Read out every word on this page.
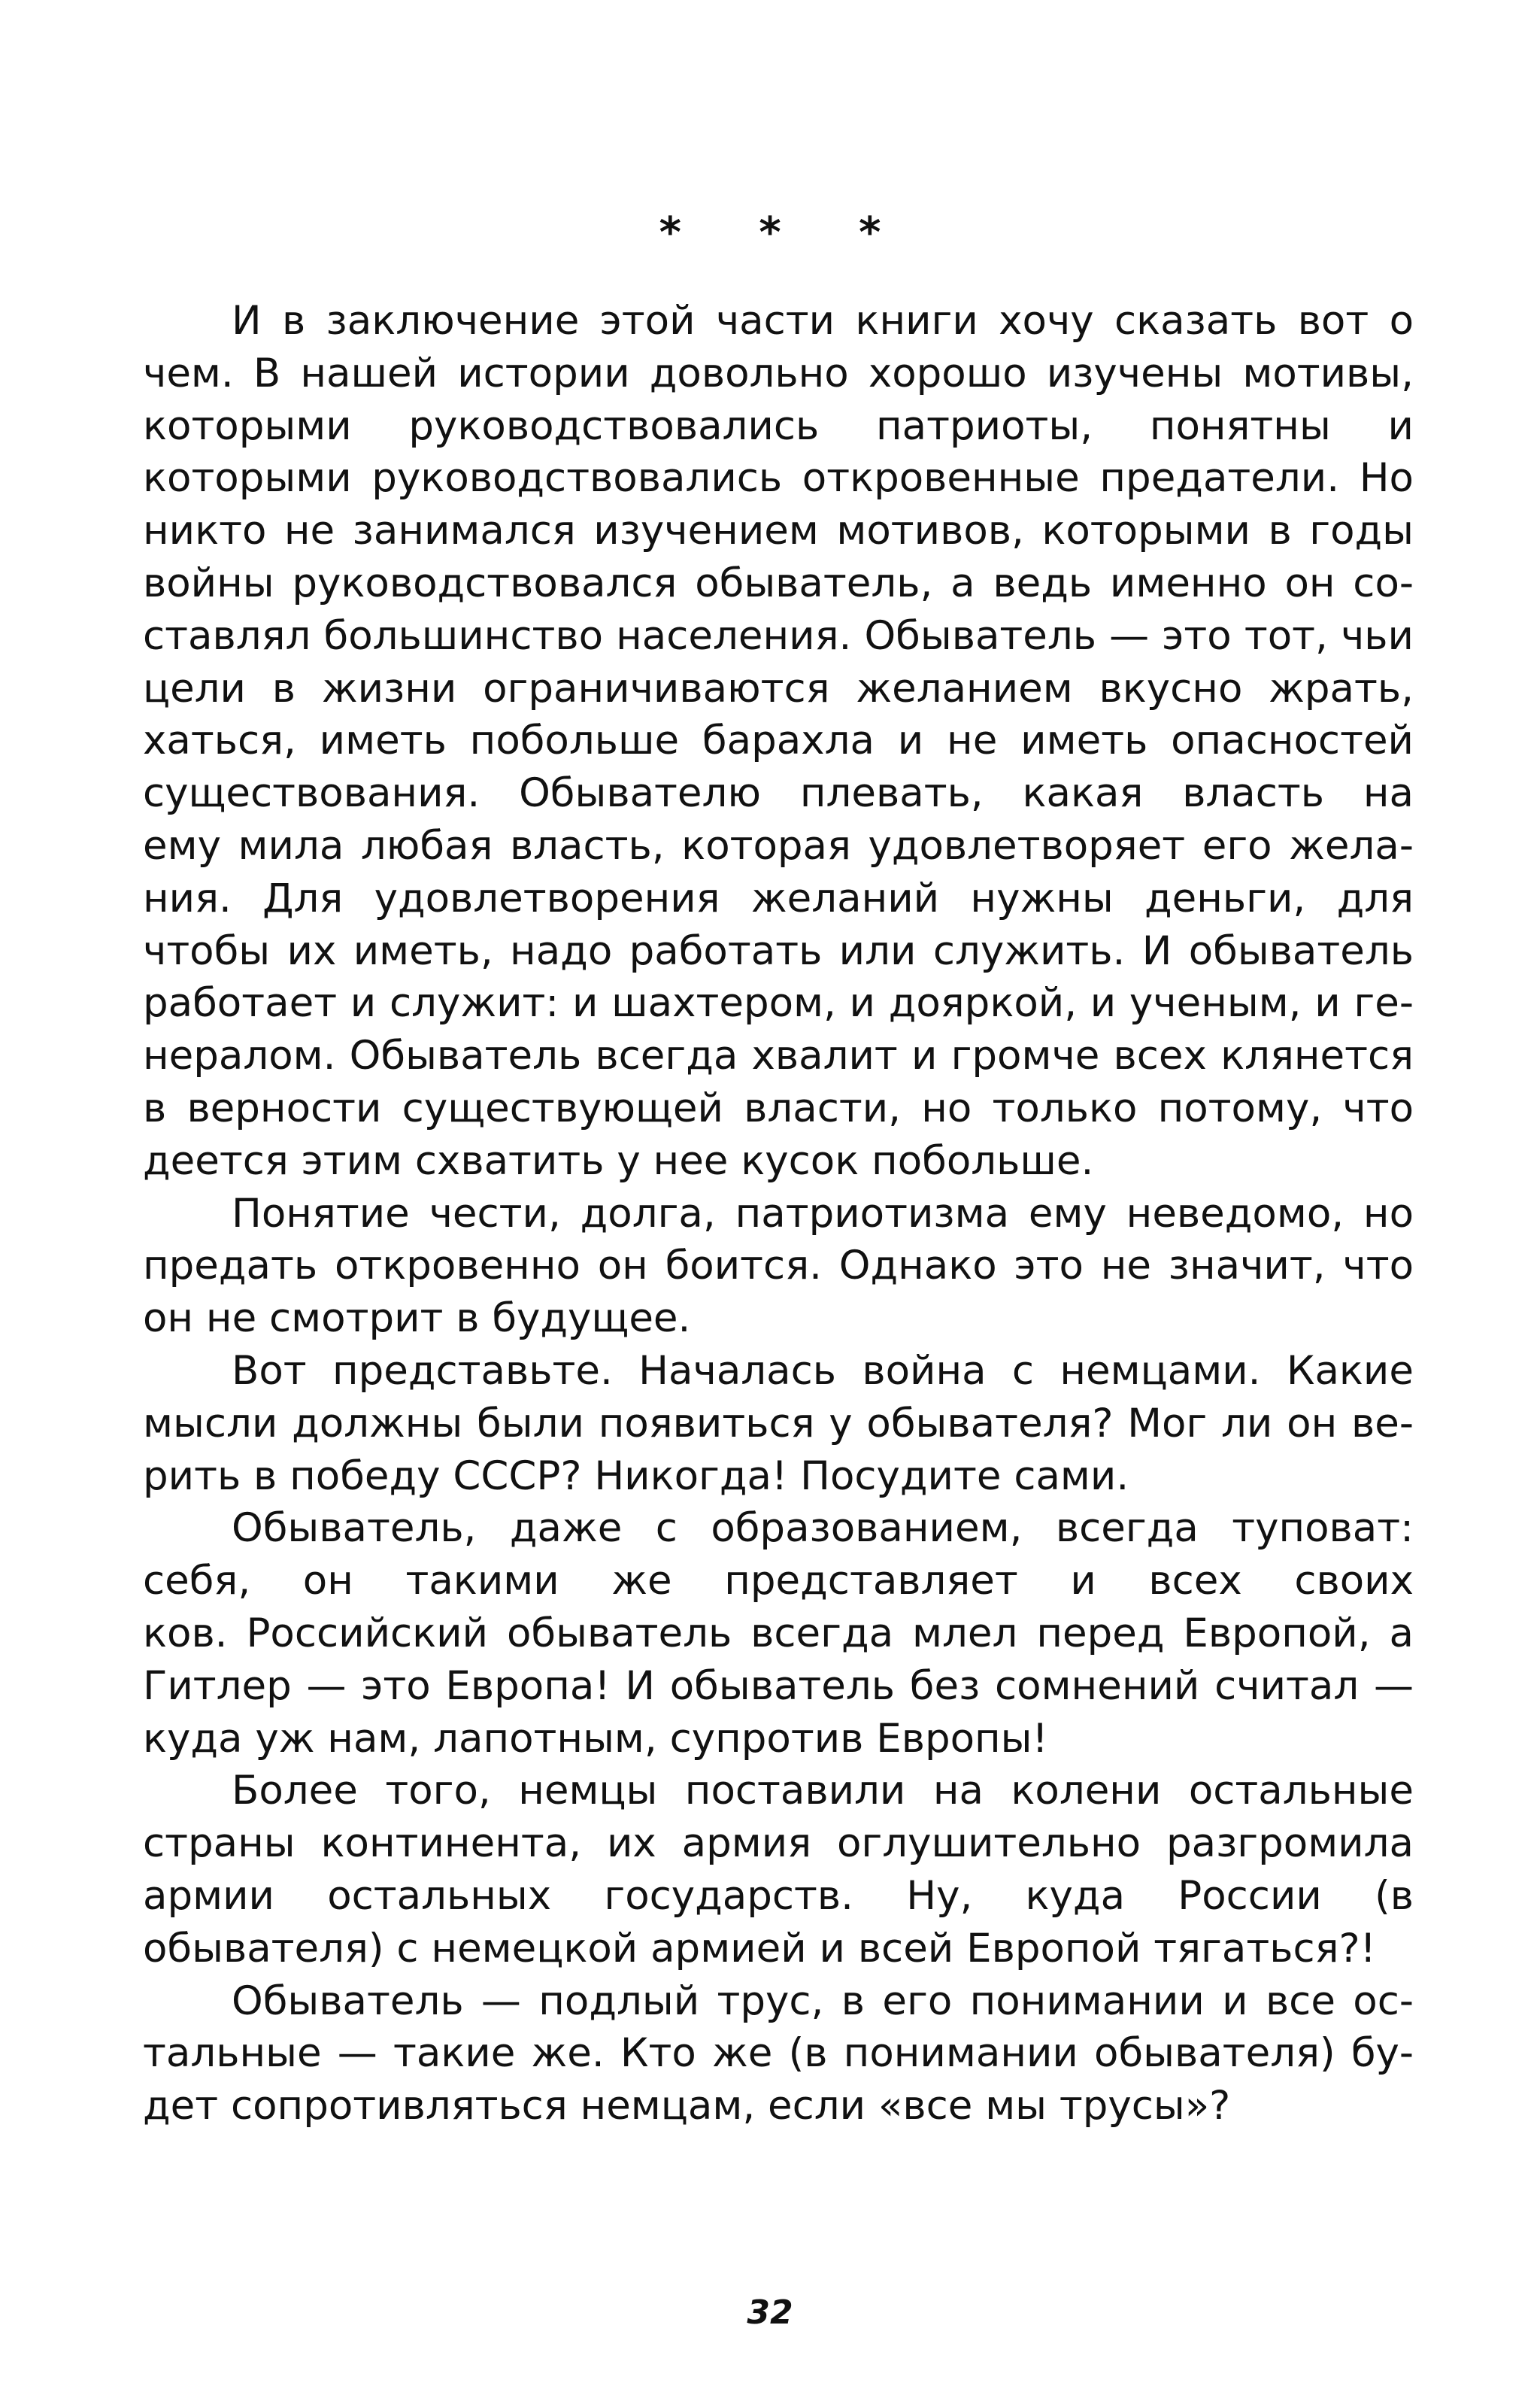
* * *
И в заключение этой части книги хочу сказать вот о
чем. В нашей истории довольно хорошо изучены мотивы,
которыми руководствовались патриоты, понятны и
которыми руководствовались откровенные предатели. Но
никто не занимался изучением мотивов, которыми в годы
войны руководствовался обыватель, а ведь именно он со-
ставлял большинство населения. Обыватель — это тот, чьи
цели в жизни ограничиваются желанием вкусно жрать,
хаться, иметь побольше барахла и не иметь опасностей
существования. Обывателю плевать, какая власть на
ему мила любая власть, которая удовлетворяет его жела-
ния. Для удовлетворения желаний нужны деньги, для
чтобы их иметь, надо работать или служить. И обыватель
работает и служит: и шахтером, и дояркой, и ученым, и ге-
нералом. Обыватель всегда хвалит и громче всех клянется
в верности существующей власти, но только потому, что
деется этим схватить у нее кусок побольше.
Понятие чести, долга, патриотизма ему неведомо, но
предать откровенно он боится. Однако это не значит, что
он не смотрит в будущее.
Вот представьте. Началась война с немцами. Какие
мысли должны были появиться у обывателя? Мог ли он ве-
рить в победу СССР? Никогда! Посудите сами.
Обыватель, даже с образованием, всегда туповат:
себя, он такими же представляет и всех своих
ков. Российский обыватель всегда млел перед Европой, а
Гитлер — это Европа! И обыватель без сомнений считал —
куда уж нам, лапотным, супротив Европы!
Более того, немцы поставили на колени остальные
страны континента, их армия оглушительно разгромила
армии остальных государств. Ну, куда России (в
обывателя) с немецкой армией и всей Европой тягаться?!
Обыватель — подлый трус, в его понимании и все ос-
тальные — такие же. Кто же (в понимании обывателя) бу-
дет сопротивляться немцам, если «все мы трусы»?
32
